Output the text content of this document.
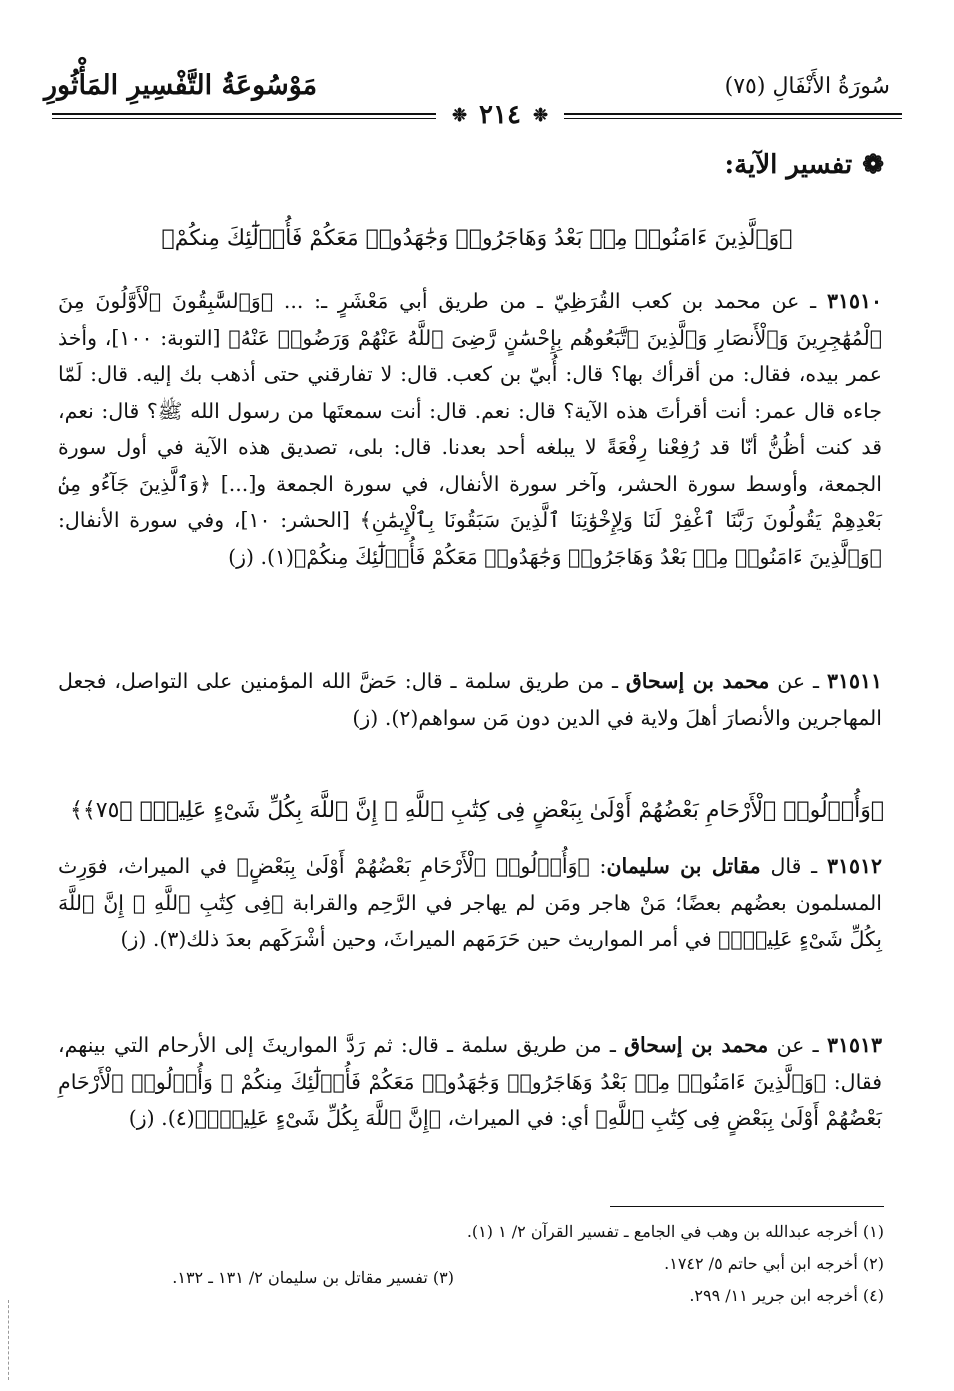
مَوْسُوعَةُ التَّفْسِيرِ المَأْثُورِ	سُورَةُ الأَنْفَالِ (٧٥)
❉
٢١٤
❉
❁
تفسير الآية:
﴿وَٱلَّذِينَ ءَامَنُوا۟ مِنۢ بَعْدُ وَهَاجَرُوا۟ وَجَٰهَدُوا۟ مَعَكُمْ فَأُو۟لَٰٓئِكَ مِنكُمْ﴾
٣١٥١٠ ـ عن محمد بن كعب القُرَظِيّ ـ من طريق أبي مَعْشَرٍ ـ: ... ﴿وَٱلسَّٰبِقُونَ ٱلْأَوَّلُونَ مِنَ ٱلْمُهَٰجِرِينَ وَٱلْأَنصَارِ وَٱلَّذِينَ ٱتَّبَعُوهُم بِإِحْسَٰنٍ رَّضِىَ ٱللَّهُ عَنْهُمْ وَرَضُوا۟ عَنْهُ﴾ [التوبة: ١٠٠]، وأخذ عمر بيده، فقال: من أقرأك بها؟ قال: أُبيّ بن كعب. قال: لا تفارقني حتى أذهب بك إليه. قال: لَمّا جاءه قال عمر: أنت أقرأتَ هذه الآية؟ قال: نعم. قال: أنت سمعتَها من رسول الله ﷺ؟ قال: نعم، قد كنت أظُنُّ أنّا قد رُفِعْنا رِفْعَةً لا يبلغه أحد بعدنا. قال: بلى، تصديق هذه الآية في أول سورة الجمعة، وأوسط سورة الحشر، وآخر سورة الأنفال، في سورة الجمعة و[...] ﴿وَٱلَّذِينَ جَآءُو مِنۢ بَعْدِهِمْ يَقُولُونَ رَبَّنَا ٱغْفِرْ لَنَا وَلِإِخْوَٰنِنَا ٱلَّذِينَ سَبَقُونَا بِٱلْإِيمَٰنِ﴾ [الحشر: ١٠]، وفي سورة الأنفال: ﴿وَٱلَّذِينَ ءَامَنُوا۟ مِنۢ بَعْدُ وَهَاجَرُوا۟ وَجَٰهَدُوا۟ مَعَكُمْ فَأُو۟لَٰٓئِكَ مِنكُمْ﴾(١). (ز)
٣١٥١١ ـ عن محمد بن إسحاق ـ من طريق سلمة ـ قال: حَضَّ الله المؤمنين على التواصل، فجعل المهاجرين والأنصارَ أهلَ ولاية في الدين دون مَن سواهم(٢). (ز)
﴿وَأُو۟لُوا۟ ٱلْأَرْحَامِ بَعْضُهُمْ أَوْلَىٰ بِبَعْضٍ فِى كِتَٰبِ ٱللَّهِ ۗ إِنَّ ٱللَّهَ بِكُلِّ شَىْءٍ عَلِيمٌۢ ﴿٧٥﴾﴾
٣١٥١٢ ـ قال مقاتل بن سليمان: ﴿وَأُو۟لُوا۟ ٱلْأَرْحَامِ بَعْضُهُمْ أَوْلَىٰ بِبَعْضٍ﴾ في الميراث، فوَرِث المسلمون بعضُهم بعضًا؛ مَنْ هاجر ومَن لم يهاجر في الرَّحِم والقرابة ﴿فِى كِتَٰبِ ٱللَّهِ ۗ إِنَّ ٱللَّهَ بِكُلِّ شَىْءٍ عَلِيمٌۢ﴾ في أمر المواريث حين حَرَمَهم الميراثَ، وحين أشْرَكَهم بعدَ ذلك(٣). (ز)
٣١٥١٣ ـ عن محمد بن إسحاق ـ من طريق سلمة ـ قال: ثم رَدَّ المواريثَ إلى الأرحام التي بينهم، فقال: ﴿وَٱلَّذِينَ ءَامَنُوا۟ مِنۢ بَعْدُ وَهَاجَرُوا۟ وَجَٰهَدُوا۟ مَعَكُمْ فَأُو۟لَٰٓئِكَ مِنكُمْ ۚ وَأُو۟لُوا۟ ٱلْأَرْحَامِ بَعْضُهُمْ أَوْلَىٰ بِبَعْضٍ فِى كِتَٰبِ ٱللَّهِ﴾ أي: في الميراث، ﴿إِنَّ ٱللَّهَ بِكُلِّ شَىْءٍ عَلِيمٌۢ﴾(٤). (ز)
(١) أخرجه عبدالله بن وهب في الجامع ـ تفسير القرآن ٢/ ١ (١).
(٢) أخرجه ابن أبي حاتم ٥/ ١٧٤٢.
(٣) تفسير مقاتل بن سليمان ٢/ ١٣١ ـ ١٣٢.
(٤) أخرجه ابن جرير ١١/ ٢٩٩.
